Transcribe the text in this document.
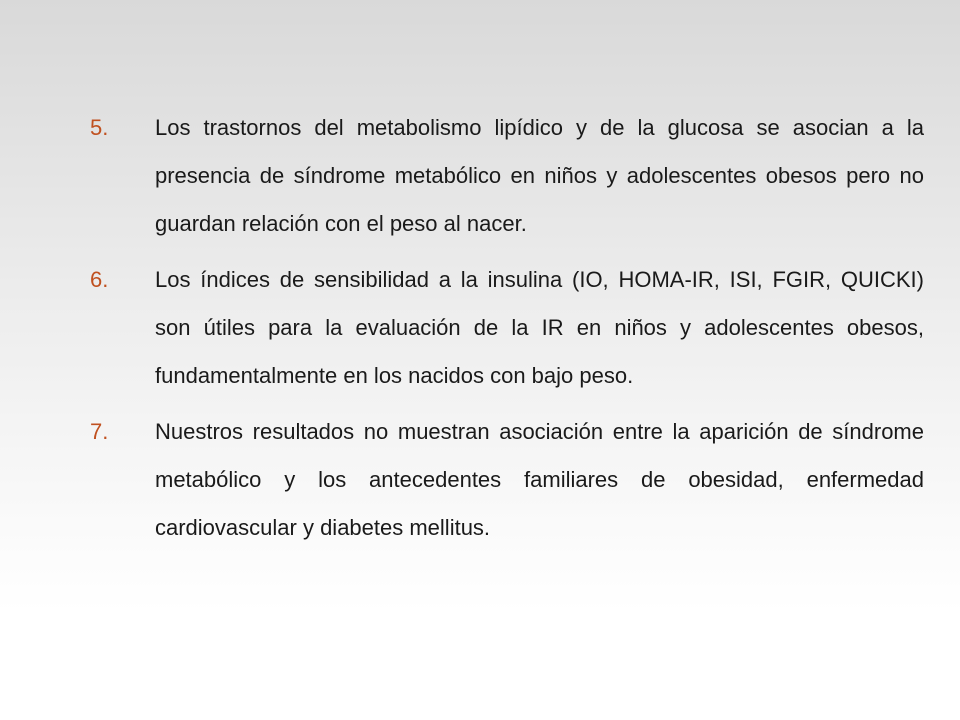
5. Los trastornos del metabolismo lipídico y de la glucosa se asocian a la presencia de síndrome metabólico en niños y adolescentes obesos pero no guardan relación con el peso al nacer.
6. Los índices de sensibilidad a la insulina (IO, HOMA-IR, ISI, FGIR, QUICKI) son útiles para la evaluación de la IR en niños y adolescentes obesos, fundamentalmente en los nacidos con bajo peso.
7. Nuestros resultados no muestran asociación entre la aparición de síndrome metabólico y los antecedentes familiares de obesidad, enfermedad cardiovascular y diabetes mellitus.
